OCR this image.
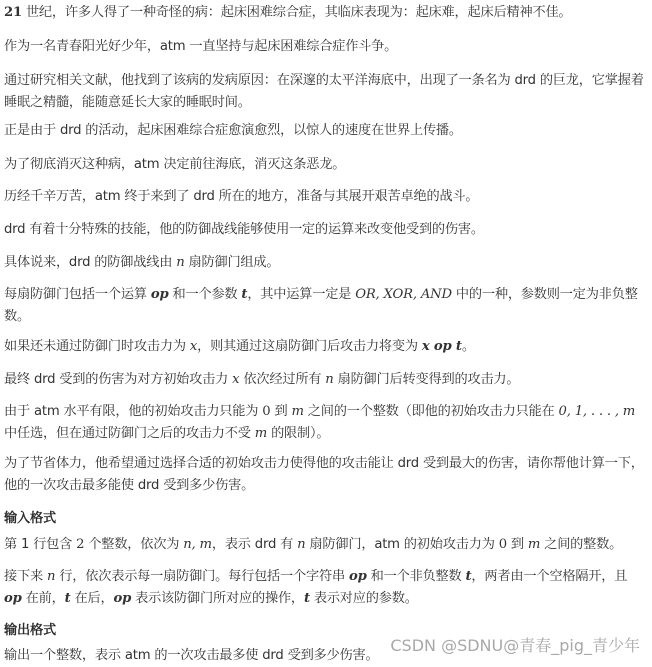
21 世纪，许多人得了一种奇怪的病：起床困难综合症，其临床表现为：起床难，起床后精神不佳。
作为一名青春阳光好少年，atm 一直坚持与起床困难综合症作斗争。
通过研究相关文献，他找到了该病的发病原因：在深邃的太平洋海底中，出现了一条名为 drd 的巨龙，它掌握着睡眠之精髓，能随意延长大家的睡眠时间。
正是由于 drd 的活动，起床困难综合症愈演愈烈，以惊人的速度在世界上传播。
为了彻底消灭这种病，atm 决定前往海底，消灭这条恶龙。
历经千辛万苦，atm 终于来到了 drd 所在的地方，准备与其展开艰苦卓绝的战斗。
drd 有着十分特殊的技能，他的防御战线能够使用一定的运算来改变他受到的伤害。
具体说来，drd 的防御战线由 n 扇防御门组成。
每扇防御门包括一个运算 op 和一个参数 t，其中运算一定是 OR, XOR, AND 中的一种，参数则一定为非负整数。
如果还未通过防御门时攻击力为 x，则其通过这扇防御门后攻击力将变为 x op t。
最终 drd 受到的伤害为对方初始攻击力 x 依次经过所有 n 扇防御门后转变得到的攻击力。
由于 atm 水平有限，他的初始攻击力只能为 0 到 m 之间的一个整数（即他的初始攻击力只能在 0, 1, . . . , m 中任选，但在通过防御门之后的攻击力不受 m 的限制）。
为了节省体力，他希望通过选择合适的初始攻击力使得他的攻击能让 drd 受到最大的伤害，请你帮他计算一下，他的一次攻击最多能使 drd 受到多少伤害。
输入格式
第 1 行包含 2 个整数，依次为 n, m，表示 drd 有 n 扇防御门，atm 的初始攻击力为 0 到 m 之间的整数。
接下来 n 行，依次表示每一扇防御门。每行包括一个字符串 op 和一个非负整数 t，两者由一个空格隔开，且 op 在前，t 在后，op 表示该防御门所对应的操作，t 表示对应的参数。
输出格式
输出一个整数，表示 atm 的一次攻击最多使 drd 受到多少伤害。
CSDN @SDNU@青春_pig_青少年
